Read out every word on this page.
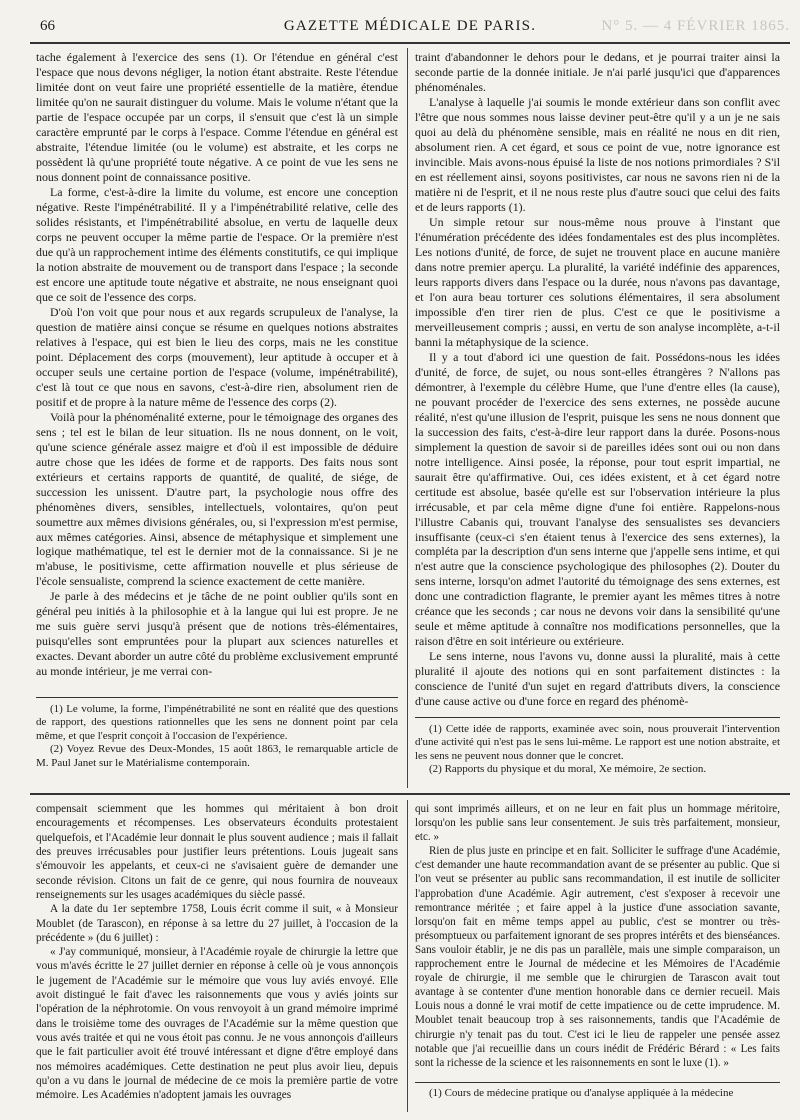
66	GAZETTE MÉDICALE DE PARIS.	N° 5. — 4 FÉVRIER 1865.

tache également à l'exercice des sens (1). Or l'étendue en général c'est l'espace que nous devons négliger, la notion étant abstraite. Reste l'étendue limitée dont on veut faire une propriété essentielle de la matière, étendue limitée qu'on ne saurait distinguer du volume. Mais le volume n'étant que la partie de l'espace occupée par un corps, il s'ensuit que c'est là un simple caractère emprunté par le corps à l'espace. Comme l'étendue en général est abstraite, l'étendue limitée (ou le volume) est abstraite, et les corps ne possèdent là qu'une propriété toute négative. A ce point de vue les sens ne nous donnent point de connaissance positive.

La forme, c'est-à-dire la limite du volume, est encore une conception négative. Reste l'impénétrabilité. Il y a l'impénétrabilité relative, celle des solides résistants, et l'impénétrabilité absolue, en vertu de laquelle deux corps ne peuvent occuper la même partie de l'espace. Or la première n'est due qu'à un rapprochement intime des éléments constitutifs, ce qui implique la notion abstraite de mouvement ou de transport dans l'espace ; la seconde est encore une aptitude toute négative et abstraite, ne nous enseignant quoi que ce soit de l'essence des corps.

D'où l'on voit que pour nous et aux regards scrupuleux de l'analyse, la question de matière ainsi conçue se résume en quelques notions abstraites relatives à l'espace, qui est bien le lieu des corps, mais ne les constitue point. Déplacement des corps (mouvement), leur aptitude à occuper et à occuper seuls une certaine portion de l'espace (volume, impénétrabilité), c'est là tout ce que nous en savons, c'est-à-dire rien, absolument rien de positif et de propre à la nature même de l'essence des corps (2).

Voilà pour la phénoménalité externe, pour le témoignage des organes des sens ; tel est le bilan de leur situation. Ils ne nous donnent, on le voit, qu'une science générale assez maigre et d'où il est impossible de déduire autre chose que les idées de forme et de rapports. Des faits nous sont extérieurs et certains rapports de quantité, de qualité, de siége, de succession les unissent. D'autre part, la psychologie nous offre des phénomènes divers, sensibles, intellectuels, volontaires, qu'on peut soumettre aux mêmes divisions générales, ou, si l'expression m'est permise, aux mêmes catégories. Ainsi, absence de métaphysique et simplement une logique mathématique, tel est le dernier mot de la connaissance. Si je ne m'abuse, le positivisme, cette affirmation nouvelle et plus sérieuse de l'école sensualiste, comprend la science exactement de cette manière.

Je parle à des médecins et je tâche de ne point oublier qu'ils sont en général peu initiés à la philosophie et à la langue qui lui est propre. Je ne me suis guère servi jusqu'à présent que de notions très-élémentaires, puisqu'elles sont empruntées pour la plupart aux sciences naturelles et exactes. Devant aborder un autre côté du problème exclusivement emprunté au monde intérieur, je me verrai con-

(1) Le volume, la forme, l'impénétrabilité ne sont en réalité que des questions de rapport, des questions rationnelles que les sens ne donnent point par cela même, et que l'esprit conçoit à l'occasion de l'expérience.

(2) Voyez Revue des Deux-Mondes, 15 août 1863, le remarquable article de M. Paul Janet sur le Matérialisme contemporain.

traint d'abandonner le dehors pour le dedans, et je pourrai traiter ainsi la seconde partie de la donnée initiale. Je n'ai parlé jusqu'ici que d'apparences phénoménales.

L'analyse à laquelle j'ai soumis le monde extérieur dans son conflit avec l'être que nous sommes nous laisse deviner peut-être qu'il y a un je ne sais quoi au delà du phénomène sensible, mais en réalité ne nous en dit rien, absolument rien. A cet égard, et sous ce point de vue, notre ignorance est invincible. Mais avons-nous épuisé la liste de nos notions primordiales ? S'il en est réellement ainsi, soyons positivistes, car nous ne savons rien ni de la matière ni de l'esprit, et il ne nous reste plus d'autre souci que celui des faits et de leurs rapports (1).

Un simple retour sur nous-même nous prouve à l'instant que l'énumération précédente des idées fondamentales est des plus incomplètes. Les notions d'unité, de force, de sujet ne trouvent place en aucune manière dans notre premier aperçu. La pluralité, la variété indéfinie des apparences, leurs rapports divers dans l'espace ou la durée, nous n'avons pas davantage, et l'on aura beau torturer ces solutions élémentaires, il sera absolument impossible d'en tirer rien de plus. C'est ce que le positivisme a merveilleusement compris ; aussi, en vertu de son analyse incomplète, a-t-il banni la métaphysique de la science.

Il y a tout d'abord ici une question de fait. Possédons-nous les idées d'unité, de force, de sujet, ou nous sont-elles étrangères ? N'allons pas démontrer, à l'exemple du célèbre Hume, que l'une d'entre elles (la cause), ne pouvant procéder de l'exercice des sens externes, ne possède aucune réalité, n'est qu'une illusion de l'esprit, puisque les sens ne nous donnent que la succession des faits, c'est-à-dire leur rapport dans la durée. Posons-nous simplement la question de savoir si de pareilles idées sont oui ou non dans notre intelligence. Ainsi posée, la réponse, pour tout esprit impartial, ne saurait être qu'affirmative. Oui, ces idées existent, et à cet égard notre certitude est absolue, basée qu'elle est sur l'observation intérieure la plus irrécusable, et par cela même digne d'une foi entière. Rappelons-nous l'illustre Cabanis qui, trouvant l'analyse des sensualistes ses devanciers insuffisante (ceux-ci s'en étaient tenus à l'exercice des sens externes), la compléta par la description d'un sens interne que j'appelle sens intime, et qui n'est autre que la conscience psychologique des philosophes (2). Douter du sens interne, lorsqu'on admet l'autorité du témoignage des sens externes, est donc une contradiction flagrante, le premier ayant les mêmes titres à notre créance que les seconds ; car nous ne devons voir dans la sensibilité qu'une seule et même aptitude à connaître nos modifications personnelles, que la raison d'être en soit intérieure ou extérieure.

Le sens interne, nous l'avons vu, donne aussi la pluralité, mais à cette pluralité il ajoute des notions qui en sont parfaitement distinctes : la conscience de l'unité d'un sujet en regard d'attributs divers, la conscience d'une cause active ou d'une force en regard des phénomè-

(1) Cette idée de rapports, examinée avec soin, nous prouverait l'intervention d'une activité qui n'est pas le sens lui-même. Le rapport est une notion abstraite, et les sens ne peuvent nous donner que le concret.

(2) Rapports du physique et du moral, Xe mémoire, 2e section.

compensait sciemment que les hommes qui méritaient à bon droit encouragements et récompenses. Les observateurs éconduits protestaient quelquefois, et l'Académie leur donnait le plus souvent audience ; mais il fallait des preuves irrécusables pour justifier leurs prétentions. Louis jugeait sans s'émouvoir les appelants, et ceux-ci ne s'avisaient guère de demander une seconde révision. Citons un fait de ce genre, qui nous fournira de nouveaux renseignements sur les usages académiques du siècle passé.

A la date du 1er septembre 1758, Louis écrit comme il suit, « à Monsieur Moublet (de Tarascon), en réponse à sa lettre du 27 juillet, à l'occasion de la précédente » (du 6 juillet) :

« J'ay communiqué, monsieur, à l'Académie royale de chirurgie la lettre que vous m'avés écritte le 27 juillet dernier en réponse à celle où je vous annonçois le jugement de l'Académie sur le mémoire que vous luy aviés envoyé. Elle avoit distingué le fait d'avec les raisonnements que vous y aviés joints sur l'opération de la néphrotomie. On vous renvoyoit à un grand mémoire imprimé dans le troisième tome des ouvrages de l'Académie sur la même question que vous avés traitée et qui ne vous étoit pas connu. Je ne vous annonçois d'ailleurs que le fait particulier avoit été trouvé intéressant et digne d'être employé dans nos mémoires académiques. Cette destination ne peut plus avoir lieu, depuis qu'on a vu dans le journal de médecine de ce mois la première partie de votre mémoire. Les Académies n'adoptent jamais les ouvrages

qui sont imprimés ailleurs, et on ne leur en fait plus un hommage méritoire, lorsqu'on les publie sans leur consentement. Je suis très parfaitement, monsieur, etc. »

Rien de plus juste en principe et en fait. Solliciter le suffrage d'une Académie, c'est demander une haute recommandation avant de se présenter au public. Que si l'on veut se présenter au public sans recommandation, il est inutile de solliciter l'approbation d'une Académie. Agir autrement, c'est s'exposer à recevoir une remontrance méritée ; et faire appel à la justice d'une association savante, lorsqu'on fait en même temps appel au public, c'est se montrer ou très-présomptueux ou parfaitement ignorant de ses propres intérêts et des bienséances. Sans vouloir établir, je ne dis pas un parallèle, mais une simple comparaison, un rapprochement entre le Journal de médecine et les Mémoires de l'Académie royale de chirurgie, il me semble que le chirurgien de Tarascon avait tout avantage à se contenter d'une mention honorable dans ce dernier recueil. Mais Louis nous a donné le vrai motif de cette impatience ou de cette imprudence. M. Moublet tenait beaucoup trop à ses raisonnements, tandis que l'Académie de chirurgie n'y tenait pas du tout. C'est ici le lieu de rappeler une pensée assez notable que j'ai recueillie dans un cours inédit de Frédéric Bérard : « Les faits sont la richesse de la science et les raisonnements en sont le luxe (1). »

(1) Cours de médecine pratique ou d'analyse appliquée à la médecine
